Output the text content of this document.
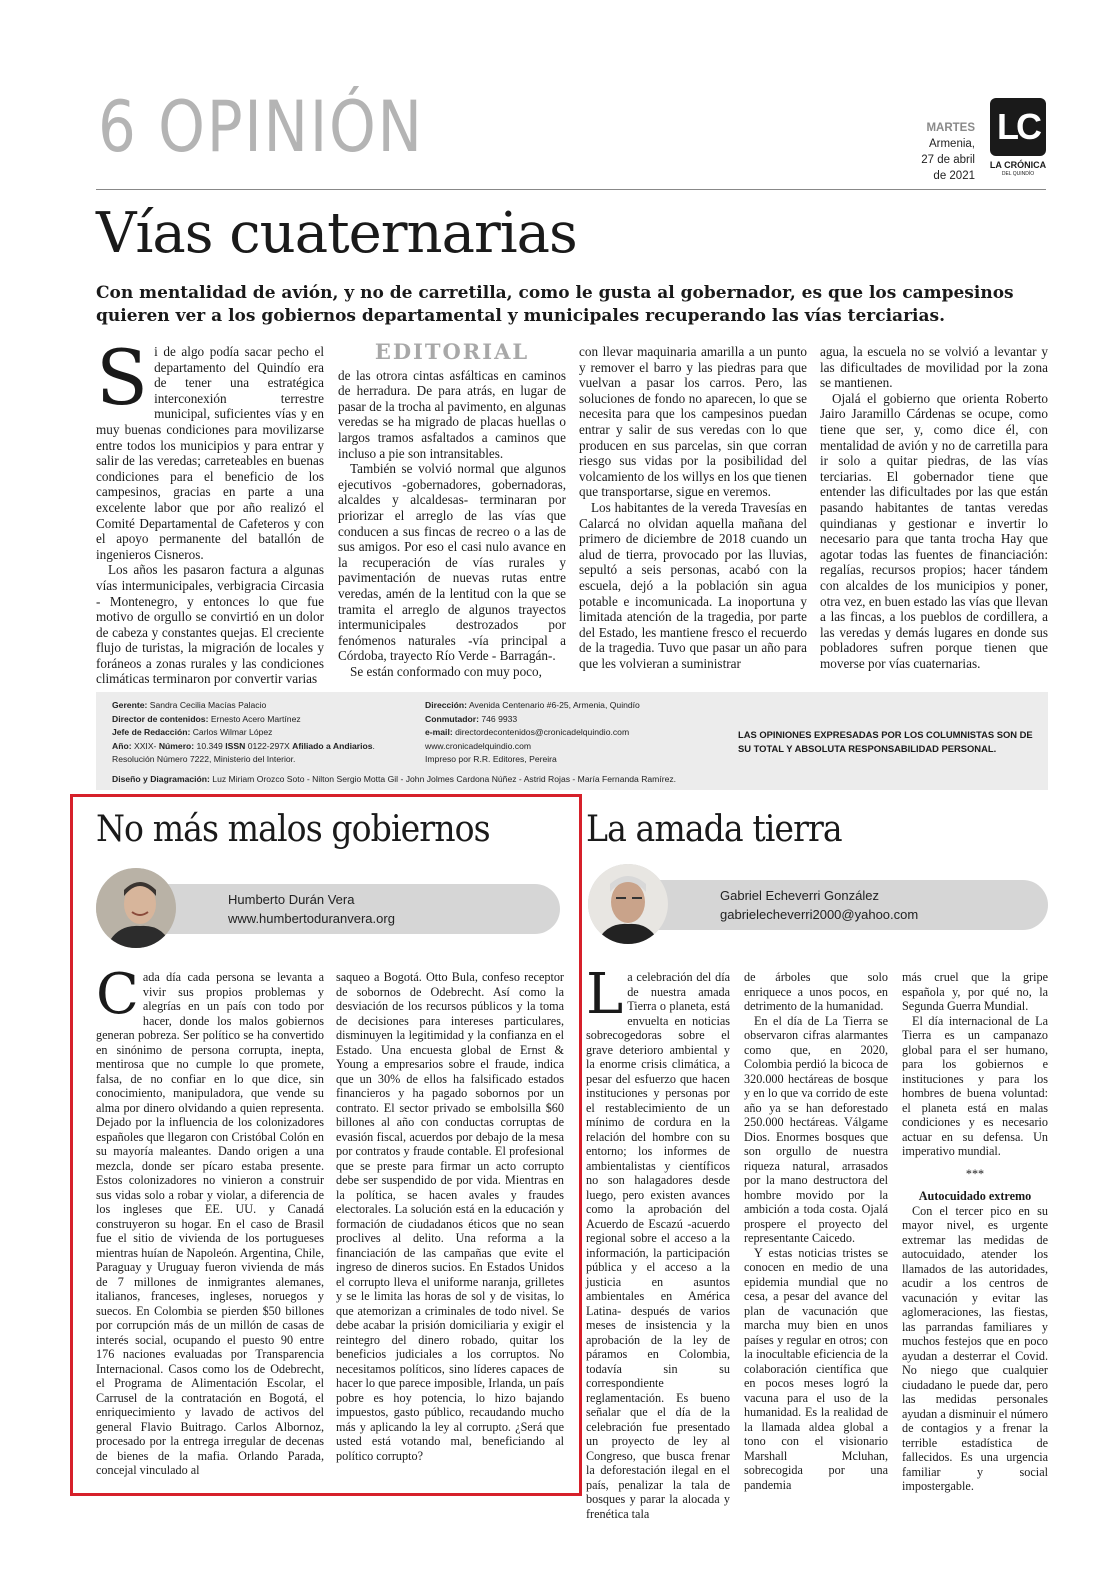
6 OPINIÓN	MARTES
Armenia,
27 de abril
de 2021
LC
LA CRÓNICA
DEL QUINDÍO
Vías cuaternarias
Con mentalidad de avión, y no de carretilla, como le gusta al gobernador, es que los campesinos quieren ver a los gobiernos departamental y municipales recuperando las vías terciarias.

Si de algo podía sacar pecho el departamento del Quindío era de tener una estratégica interconexión terrestre municipal, suficientes vías y en muy buenas condiciones para movilizarse entre todos los municipios y para entrar y salir de las veredas; carreteables en buenas condiciones para el beneficio de los campesinos, gracias en parte a una excelente labor que por año realizó el Comité Departamental de Cafeteros y con el apoyo permanente del batallón de ingenieros Cisneros.

Los años les pasaron factura a algunas vías intermunicipales, verbigracia Circasia - Montenegro, y entonces lo que fue motivo de orgullo se convirtió en un dolor de cabeza y constantes quejas. El creciente flujo de turistas, la migración de locales y foráneos a zonas rurales y las condiciones climáticas terminaron por convertir varias

EDITORIAL

de las otrora cintas asfálticas en caminos de herradura. De para atrás, en lugar de pasar de la trocha al pavimento, en algunas veredas se ha migrado de placas huellas o largos tramos asfaltados a caminos que incluso a pie son intransitables.

También se volvió normal que algunos ejecutivos -gobernadores, gobernadoras, alcaldes y alcaldesas- terminaran por priorizar el arreglo de las vías que conducen a sus fincas de recreo o a las de sus amigos. Por eso el casi nulo avance en la recuperación de vías rurales y pavimentación de nuevas rutas entre veredas, amén de la lentitud con la que se tramita el arreglo de algunos trayectos intermunicipales destrozados por fenómenos naturales -vía principal a Córdoba, trayecto Río Verde - Barragán-.

Se están conformado con muy poco,

con llevar maquinaria amarilla a un punto y remover el barro y las piedras para que vuelvan a pasar los carros. Pero, las soluciones de fondo no aparecen, lo que se necesita para que los campesinos puedan entrar y salir de sus veredas con lo que producen en sus parcelas, sin que corran riesgo sus vidas por la posibilidad del volcamiento de los willys en los que tienen que transportarse, sigue en veremos.

Los habitantes de la vereda Travesías en Calarcá no olvidan aquella mañana del primero de diciembre de 2018 cuando un alud de tierra, provocado por las lluvias, sepultó a seis personas, acabó con la escuela, dejó a la población sin agua potable e incomunicada. La inoportuna y limitada atención de la tragedia, por parte del Estado, les mantiene fresco el recuerdo de la tragedia. Tuvo que pasar un año para que les volvieran a suministrar

agua, la escuela no se volvió a levantar y las dificultades de movilidad por la zona se mantienen.

Ojalá el gobierno que orienta Roberto Jairo Jaramillo Cárdenas se ocupe, como tiene que ser, y, como dice él, con mentalidad de avión y no de carretilla para ir solo a quitar piedras, de las vías terciarias. El gobernador tiene que entender las dificultades por las que están pasando habitantes de tantas veredas quindianas y gestionar e invertir lo necesario para que tanta trocha Hay que agotar todas las fuentes de financiación: regalías, recursos propios; hacer tándem con alcaldes de los municipios y poner, otra vez, en buen estado las vías que llevan a las fincas, a los pueblos de cordillera, a las veredas y demás lugares en donde sus pobladores sufren porque tienen que moverse por vías cuaternarias.

Gerente: Sandra Cecilia Macías Palacio
Director de contenidos: Ernesto Acero Martínez
Jefe de Redacción: Carlos Wilmar López
Año: XXIX- Número: 10.349 ISSN 0122-297X Afiliado a Andiarios.
Resolución Número 7222, Ministerio del Interior.
Dirección: Avenida Centenario #6-25, Armenia, Quindío
Conmutador: 746 9933
e-mail: directordecontenidos@cronicadelquindio.com
www.cronicadelquindio.com
Impreso por R.R. Editores, Pereira
Diseño y Diagramación: Luz Miriam Orozco Soto - Nilton Sergio Motta Gil - John Jolmes Cardona Núñez - Astrid Rojas - María Fernanda Ramírez.
LAS OPINIONES EXPRESADAS POR LOS COLUMNISTAS SON DE SU TOTAL Y ABSOLUTA RESPONSABILIDAD PERSONAL.
No más malos gobiernos
Humberto Durán Vera
www.humbertoduranvera.org

Cada día cada persona se levanta a vivir sus propios problemas y alegrías en un país con todo por hacer, donde los malos gobiernos generan pobreza. Ser político se ha convertido en sinónimo de persona corrupta, inepta, mentirosa que no cumple lo que promete, falsa, de no confiar en lo que dice, sin conocimiento, manipuladora, que vende su alma por dinero olvidando a quien representa. Dejado por la influencia de los colonizadores españoles que llegaron con Cristóbal Colón en su mayoría maleantes. Dando origen a una mezcla, donde ser pícaro estaba presente. Estos colonizadores no vinieron a construir sus vidas solo a robar y violar, a diferencia de los ingleses que EE. UU. y Canadá construyeron su hogar. En el caso de Brasil fue el sitio de vivienda de los portugueses mientras huían de Napoleón. Argentina, Chile, Paraguay y Uruguay fueron vivienda de más de 7 millones de inmigrantes alemanes, italianos, franceses, ingleses, noruegos y suecos. En Colombia se pierden $50 billones por corrupción más de un millón de casas de interés social, ocupando el puesto 90 entre 176 naciones evaluadas por Transparencia Internacional. Casos como los de Odebrecht, el Programa de Alimentación Escolar, el Carrusel de la contratación en Bogotá, el enriquecimiento y lavado de activos del general Flavio Buitrago. Carlos Albornoz, procesado por la entrega irregular de decenas de bienes de la mafia. Orlando Parada, concejal vinculado al

saqueo a Bogotá. Otto Bula, confeso receptor de sobornos de Odebrecht. Así como la desviación de los recursos públicos y la toma de decisiones para intereses particulares, disminuyen la legitimidad y la confianza en el Estado. Una encuesta global de Ernst & Young a empresarios sobre el fraude, indica que un 30% de ellos ha falsificado estados financieros y ha pagado sobornos por un contrato. El sector privado se embolsilla $60 billones al año con conductas corruptas de evasión fiscal, acuerdos por debajo de la mesa por contratos y fraude contable. El profesional que se preste para firmar un acto corrupto debe ser suspendido de por vida. Mientras en la política, se hacen avales y fraudes electorales. La solución está en la educación y formación de ciudadanos éticos que no sean proclives al delito. Una reforma a la financiación de las campañas que evite el ingreso de dineros sucios. En Estados Unidos el corrupto lleva el uniforme naranja, grilletes y se le limita las horas de sol y de visitas, lo que atemorizan a criminales de todo nivel. Se debe acabar la prisión domiciliaria y exigir el reintegro del dinero robado, quitar los beneficios judiciales a los corruptos. No necesitamos políticos, sino líderes capaces de hacer lo que parece imposible, Irlanda, un país pobre es hoy potencia, lo hizo bajando impuestos, gasto público, recaudando mucho más y aplicando la ley al corrupto. ¿Será que usted está votando mal, beneficiando al político corrupto?

La amada tierra
Gabriel Echeverri González
gabrielecheverri2000@yahoo.com

La celebración del día de nuestra amada Tierra o planeta, está envuelta en noticias sobrecogedoras sobre el grave deterioro ambiental y la enorme crisis climática, a pesar del esfuerzo que hacen instituciones y personas por el restablecimiento de un mínimo de cordura en la relación del hombre con su entorno; los informes de ambientalistas y científicos no son halagadores desde luego, pero existen avances como la aprobación del Acuerdo de Escazú -acuerdo regional sobre el acceso a la información, la participación pública y el acceso a la justicia en asuntos ambientales en América Latina- después de varios meses de insistencia y la aprobación de la ley de páramos en Colombia, todavía sin su correspondiente reglamentación. Es bueno señalar que el día de la celebración fue presentado un proyecto de ley al Congreso, que busca frenar la deforestación ilegal en el país, penalizar la tala de bosques y parar la alocada y frenética tala

de árboles que solo enriquece a unos pocos, en detrimento de la humanidad.

En el día de La Tierra se observaron cifras alarmantes como que, en 2020, Colombia perdió la bicoca de 320.000 hectáreas de bosque y en lo que va corrido de este año ya se han deforestado 250.000 hectáreas. Válgame Dios. Enormes bosques que son orgullo de nuestra riqueza natural, arrasados por la mano destructora del hombre movido por la ambición a toda costa. Ojalá prospere el proyecto del representante Caicedo.

Y estas noticias tristes se conocen en medio de una epidemia mundial que no cesa, a pesar del avance del plan de vacunación que marcha muy bien en unos países y regular en otros; con la inocultable eficiencia de la colaboración científica que en pocos meses logró la vacuna para el uso de la humanidad. Es la realidad de la llamada aldea global a tono con el visionario Marshall Mcluhan, sobrecogida por una pandemia

más cruel que la gripe española y, por qué no, la Segunda Guerra Mundial.

El día internacional de La Tierra es un campanazo global para el ser humano, para los gobiernos e instituciones y para los hombres de buena voluntad: el planeta está en malas condiciones y es necesario actuar en su defensa. Un imperativo mundial.

***

Autocuidado extremo

Con el tercer pico en su mayor nivel, es urgente extremar las medidas de autocuidado, atender los llamados de las autoridades, acudir a los centros de vacunación y evitar las aglomeraciones, las fiestas, las parrandas familiares y muchos festejos que en poco ayudan a desterrar el Covid. No niego que cualquier ciudadano le puede dar, pero las medidas personales ayudan a disminuir el número de contagios y a frenar la terrible estadística de fallecidos. Es una urgencia familiar y social impostergable.
